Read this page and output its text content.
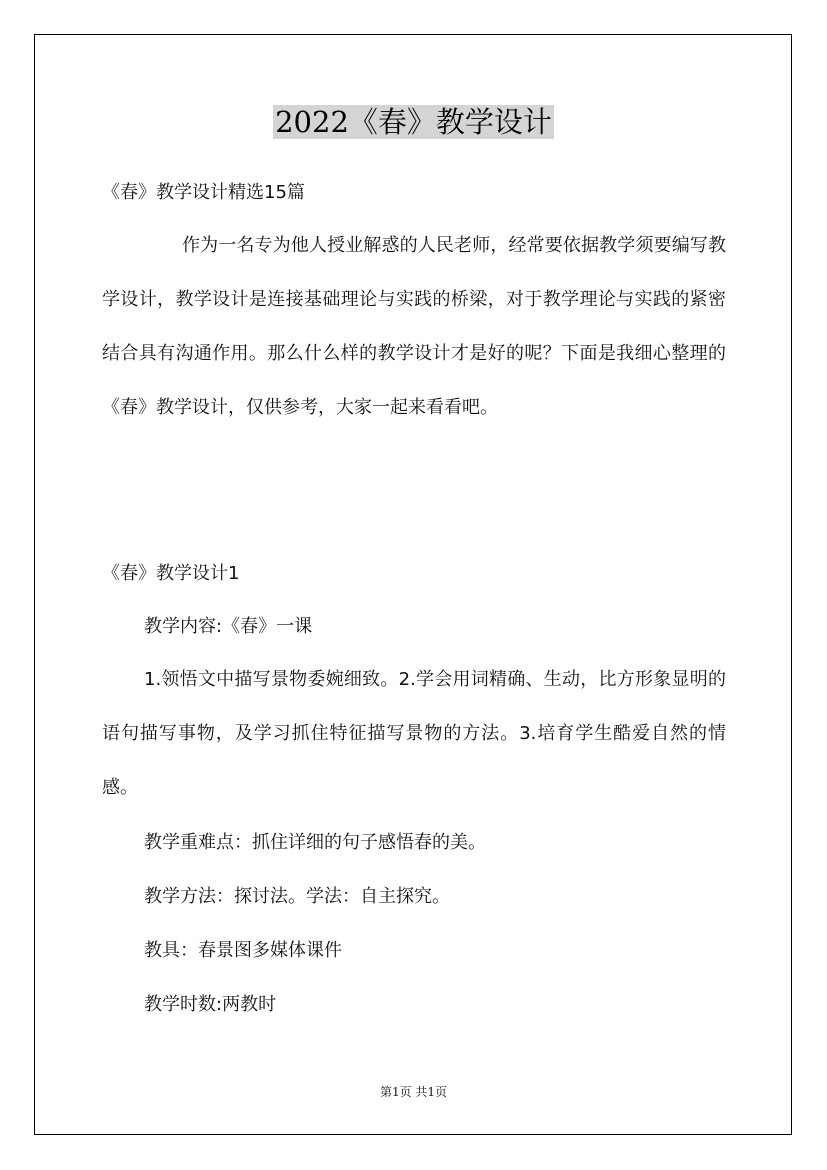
2022《春》教学设计
《春》教学设计精选15篇

作为一名专为他人授业解惑的人民老师，经常要依据教学须要编写教学设计，教学设计是连接基础理论与实践的桥梁，对于教学理论与实践的紧密结合具有沟通作用。那么什么样的教学设计才是好的呢？下面是我细心整理的《春》教学设计，仅供参考，大家一起来看看吧。

《春》教学设计1
教学内容:《春》一课

1.领悟文中描写景物委婉细致。2.学会用词精确、生动，比方形象显明的语句描写事物，及学习抓住特征描写景物的方法。3.培育学生酷爱自然的情感。

教学重难点：抓住详细的句子感悟春的美。
教学方法：探讨法。学法：自主探究。
教具：春景图多媒体课件
教学时数:两教时
第1页 共1页
